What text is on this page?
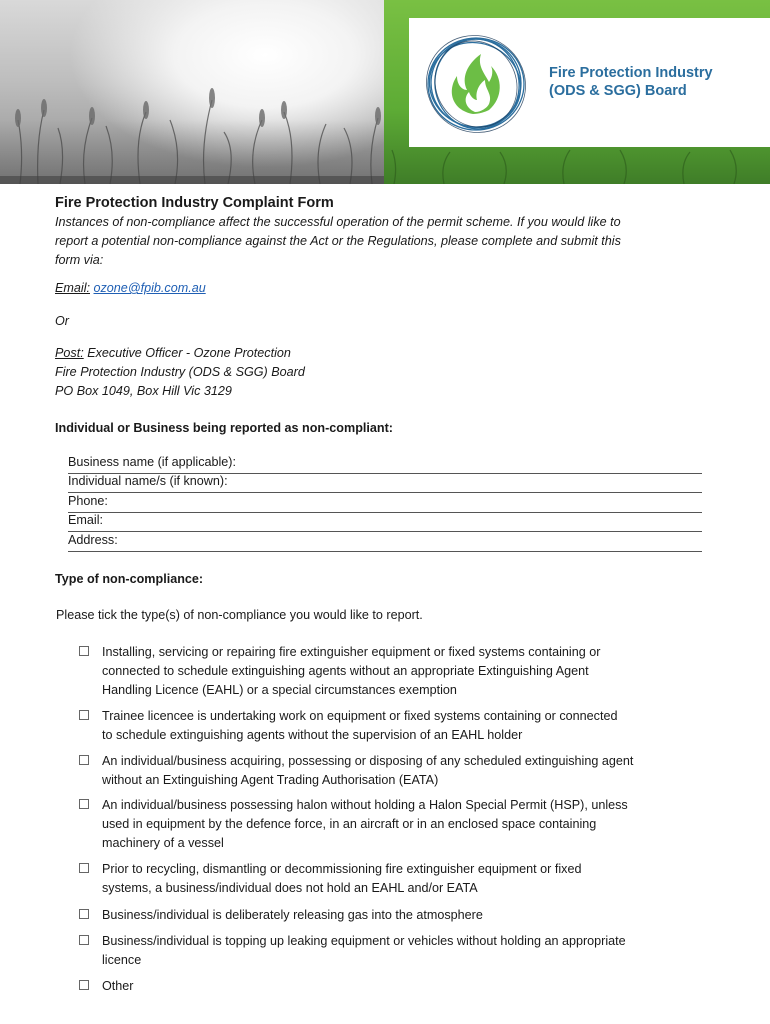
Fire Protection Industry
(ODS & SGG) Board

Fire Protection Industry Complaint Form

Instances of non-compliance affect the successful operation of the permit scheme. If you would like to

report a potential non-compliance against the Act or the Regulations, please complete and submit this

form via:

Email: ozone@fpib.com.au

Or

Post: Executive Officer - Ozone Protection

Fire Protection Industry (ODS & SGG) Board

PO Box 1049, Box Hill Vic 3129

Individual or Business being reported as non-compliant:

Business name (if applicable):
Individual name/s (if known):
Phone:
Email:
Address:

Type of non-compliance:

Please tick the type(s) of non-compliance you would like to report.

Installing, servicing or repairing fire extinguisher equipment or fixed systems containing or
connected to schedule extinguishing agents without an appropriate Extinguishing Agent
Handling Licence (EAHL) or a special circumstances exemption
Trainee licencee is undertaking work on equipment or fixed systems containing or connected
to schedule extinguishing agents without the supervision of an EAHL holder
An individual/business acquiring, possessing or disposing of any scheduled extinguishing agent
without an Extinguishing Agent Trading Authorisation (EATA)
An individual/business possessing halon without holding a Halon Special Permit (HSP), unless
used in equipment by the defence force, in an aircraft or in an enclosed space containing
machinery of a vessel
Prior to recycling, dismantling or decommissioning fire extinguisher equipment or fixed
systems, a business/individual does not hold an EAHL and/or EATA
Business/individual is deliberately releasing gas into the atmosphere
Business/individual is topping up leaking equipment or vehicles without holding an appropriate
licence
Other
